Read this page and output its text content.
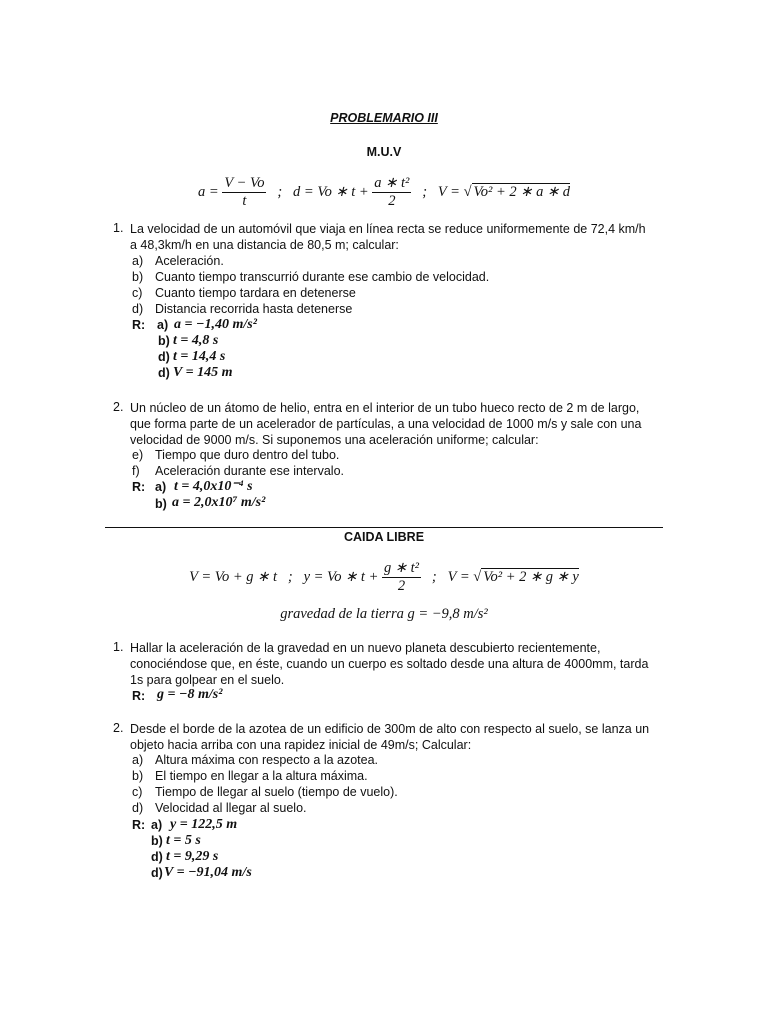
PROBLEMARIO III
M.U.V
$a = \frac{V - Vo}{t}$ ; d = Vo ∗ $t + \frac{\text{a ∗ t²}}{2}$ ; V = √ Vo² + 2 ∗ a ∗ d
1. La velocidad de un automóvil que viaja en línea recta se reduce uniformemente de 72,4 km/h
a 48,3km/h en una distancia de 80,5 m; calcular:
a) Aceleración.
b) Cuanto tiempo transcurrió durante ese cambio de velocidad.
c) Cuanto tiempo tardara en detenerse
d) Distancia recorrida hasta detenerse
R: a) a = −1,40 m/s²
b) t = 4,8 s
d) t = 14,4 s
d) V = 145 m
2. Un núcleo de un átomo de helio, entra en el interior de un tubo hueco recto de 2 m de largo,
que forma parte de un acelerador de partículas, a una velocidad de 1000 m/s y sale con una
velocidad de 9000 m/s. Si suponemos una aceleración uniforme; calcular:
e) Tiempo que duro dentro del tubo.
f) Aceleración durante ese intervalo.
R: a) t = 4,0x10⁻⁴ s
b) a = 2,0x10⁷ m/s²
CAIDA LIBRE
V = Vo + g ∗ t ; y = Vo ∗ $t + \frac{\text{g ∗ t²}}{2}$ ; V = √ Vo² + 2 ∗ g ∗ y
gravedad de la tierra g = −9,8 m/s²
1. Hallar la aceleración de la gravedad en un nuevo planeta descubierto recientemente,
conociéndose que, en éste, cuando un cuerpo es soltado desde una altura de 4000mm, tarda
1s para golpear en el suelo.
R: g = −8 m/s²
2. Desde el borde de la azotea de un edificio de 300m de alto con respecto al suelo, se lanza un
objeto hacia arriba con una rapidez inicial de 49m/s; Calcular:
a) Altura máxima con respecto a la azotea.
b) El tiempo en llegar a la altura máxima.
c) Tiempo de llegar al suelo (tiempo de vuelo).
d) Velocidad al llegar al suelo.
R: a) y = 122,5 m
b) t = 5 s
d) t = 9,29 s
d) V = −91,04 m/s
